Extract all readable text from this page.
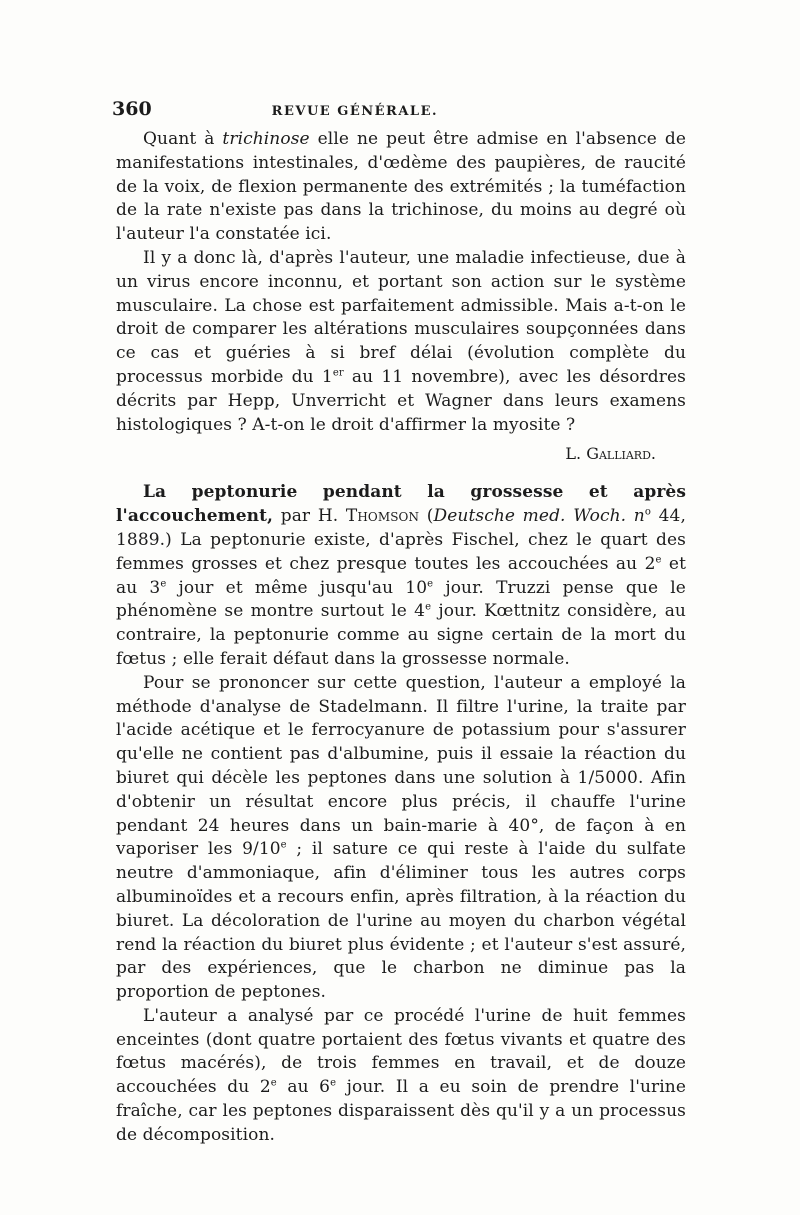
360	REVUE GÉNÉRALE.

Quant à trichinose elle ne peut être admise en l'absence de manifestations intestinales, d'œdème des paupières, de raucité de la voix, de flexion permanente des extrémités ; la tuméfaction de la rate n'existe pas dans la trichinose, du moins au degré où l'auteur l'a constatée ici.

Il y a donc là, d'après l'auteur, une maladie infectieuse, due à un virus encore inconnu, et portant son action sur le système musculaire. La chose est parfaitement admissible. Mais a-t-on le droit de comparer les altérations musculaires soupçonnées dans ce cas et guéries à si bref délai (évolution complète du processus morbide du 1er au 11 novembre), avec les désordres décrits par Hepp, Unverricht et Wagner dans leurs examens histologiques ? A-t-on le droit d'affirmer la myosite ?

L. Galliard.

La peptonurie pendant la grossesse et après l'accouchement, par H. Thomson (Deutsche med. Woch. $n^o$ 44, 1889.) La peptonurie existe, d'après Fischel, chez le quart des femmes grosses et chez presque toutes les accouchées au 2e et au 3e jour et même jusqu'au 10e jour. Truzzi pense que le phénomène se montre surtout le 4e jour. Kœttnitz considère, au contraire, la peptonurie comme au signe certain de la mort du fœtus ; elle ferait défaut dans la grossesse normale.

Pour se prononcer sur cette question, l'auteur a employé la méthode d'analyse de Stadelmann. Il filtre l'urine, la traite par l'acide acétique et le ferrocyanure de potassium pour s'assurer qu'elle ne contient pas d'albumine, puis il essaie la réaction du biuret qui décèle les peptones dans une solution à 1/5000. Afin d'obtenir un résultat encore plus précis, il chauffe l'urine pendant 24 heures dans un bain-marie à 40°, de façon à en vaporiser les 9/10e ; il sature ce qui reste à l'aide du sulfate neutre d'ammoniaque, afin d'éliminer tous les autres corps albuminoïdes et a recours enfin, après filtration, à la réaction du biuret. La décoloration de l'urine au moyen du charbon végétal rend la réaction du biuret plus évidente ; et l'auteur s'est assuré, par des expériences, que le charbon ne diminue pas la proportion de peptones.

L'auteur a analysé par ce procédé l'urine de huit femmes enceintes (dont quatre portaient des fœtus vivants et quatre des fœtus macérés), de trois femmes en travail, et de douze accouchées du 2e au 6e jour. Il a eu soin de prendre l'urine fraîche, car les peptones disparaissent dès qu'il y a un processus de décomposition.
